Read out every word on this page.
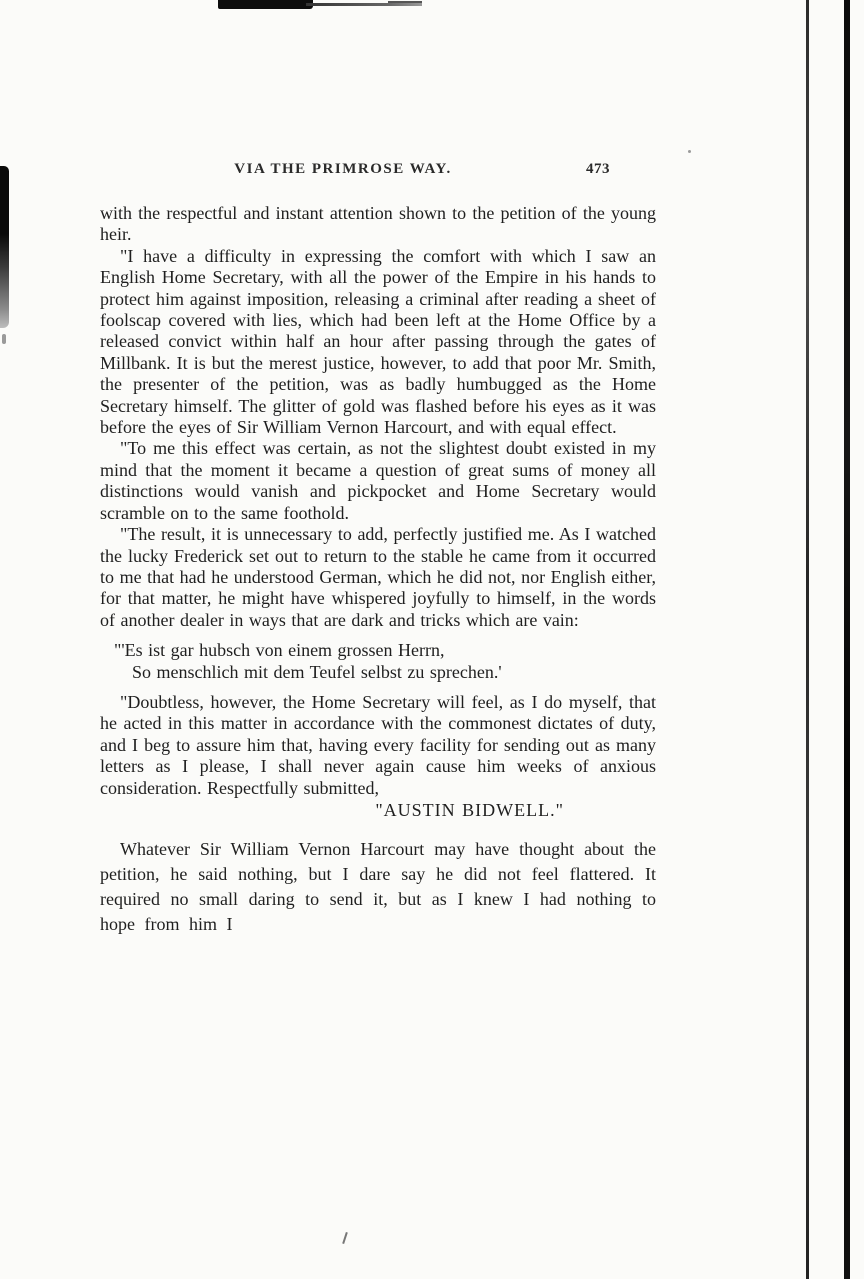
VIA THE PRIMROSE WAY.	473

with the respectful and instant attention shown to the petition of the young heir.

"I have a difficulty in expressing the comfort with which I saw an English Home Secretary, with all the power of the Empire in his hands to protect him against imposition, releasing a criminal after reading a sheet of foolscap covered with lies, which had been left at the Home Office by a released convict within half an hour after passing through the gates of Millbank. It is but the merest justice, however, to add that poor Mr. Smith, the presenter of the petition, was as badly humbugged as the Home Secretary himself. The glitter of gold was flashed before his eyes as it was before the eyes of Sir William Vernon Harcourt, and with equal effect.

"To me this effect was certain, as not the slightest doubt existed in my mind that the moment it became a question of great sums of money all distinctions would vanish and pickpocket and Home Secretary would scramble on to the same foothold.

"The result, it is unnecessary to add, perfectly justified me. As I watched the lucky Frederick set out to return to the stable he came from it occurred to me that had he understood German, which he did not, nor English either, for that matter, he might have whispered joyfully to himself, in the words of another dealer in ways that are dark and tricks which are vain:

"'Es ist gar hubsch von einem grossen Herrn,
So menschlich mit dem Teufel selbst zu sprechen.'

"Doubtless, however, the Home Secretary will feel, as I do myself, that he acted in this matter in accordance with the commonest dictates of duty, and I beg to assure him that, having every facility for sending out as many letters as I please, I shall never again cause him weeks of anxious consideration. Respectfully submitted,

"AUSTIN BIDWELL."

Whatever Sir William Vernon Harcourt may have thought about the petition, he said nothing, but I dare say he did not feel flattered. It required no small daring to send it, but as I knew I had nothing to hope from him I
